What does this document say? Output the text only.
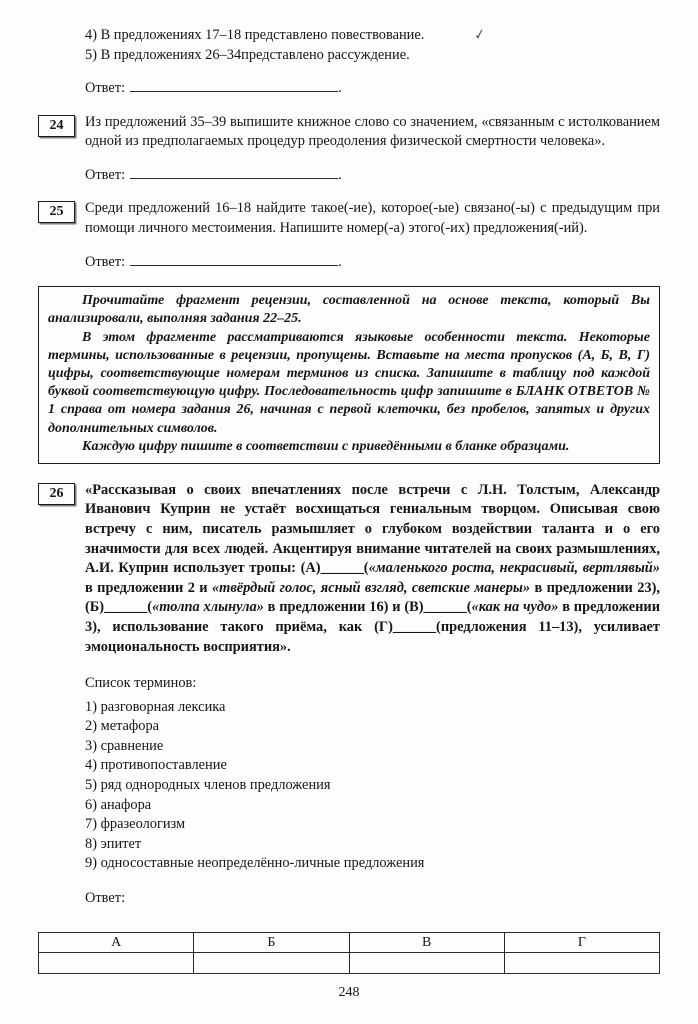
✓
4) В предложениях 17–18 представлено повествование.
5) В предложениях 26–34представлено рассуждение.
Ответ:	.
24	Из предложений 35–39 выпишите книжное слово со значением, «связанным с истолкованием одной из предполагаемых процедур преодоления физической смертности человека».
Ответ:	.
25	Среди предложений 16–18 найдите такое(-ие), которое(-ые) связано(-ы) с предыдущим при помощи личного местоимения. Напишите номер(-а) этого(-их) предложения(-ий).
Ответ:	.

Прочитайте фрагмент рецензии, составленной на основе текста, который Вы анализировали, выполняя задания 22–25.

В этом фрагменте рассматриваются языковые особенности текста. Некоторые термины, использованные в рецензии, пропущены. Вставьте на места пропусков (А, Б, В, Г) цифры, соответствующие номерам терминов из списка. Запишите в таблицу под каждой буквой соответствующую цифру. Последовательность цифр запишите в БЛАНК ОТВЕТОВ № 1 справа от номера задания 26, начиная с первой клеточки, без пробелов, запятых и других дополнительных символов.

Каждую цифру пишите в соответствии с приведёнными в бланке образцами.

26	«Рассказывая о своих впечатлениях после встречи с Л.Н. Толстым, Александр Иванович Куприн не устаёт восхищаться гениальным творцом. Описывая свою встречу с ним, писатель размышляет о глубоком воздействии таланта и о его значимости для всех людей. Акцентируя внимание читателей на своих размышлениях, А.И. Куприн использует тропы: (А)______(«маленького роста, некрасивый, вертлявый» в предложении 2 и «твёрдый голос, ясный взгляд, светские манеры» в предложении 23), (Б)______(«толпа хлынула» в предложении 16) и (В)______(«как на чудо» в предложении 3), использование такого приёма, как (Г)______(предложения 11–13), усиливает эмоциональность восприятия».
Список терминов:
1) разговорная лексика
2) метафора
3) сравнение
4) противопоставление
5) ряд однородных членов предложения
6) анафора
7) фразеологизм
8) эпитет
9) односоставные неопределённо-личные предложения
Ответ:
А	Б	В	Г

248
